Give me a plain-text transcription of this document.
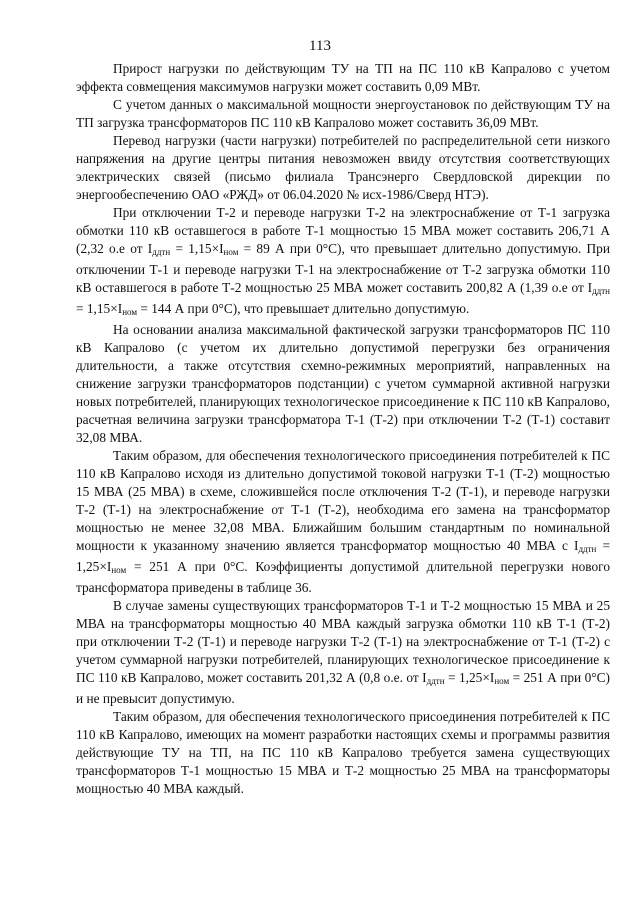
113

Прирост нагрузки по действующим ТУ на ТП на ПС 110 кВ Капралово с учетом эффекта совмещения максимумов нагрузки может составить 0,09 МВт.

С учетом данных о максимальной мощности энергоустановок по действующим ТУ на ТП загрузка трансформаторов ПС 110 кВ Капралово может составить 36,09 МВт.

Перевод нагрузки (части нагрузки) потребителей по распределительной сети низкого напряжения на другие центры питания невозможен ввиду отсутствия соответствующих электрических связей (письмо филиала Трансэнерго Свердловской дирекции по энергообеспечению ОАО «РЖД» от 06.04.2020 № исх-1986/Сверд НТЭ).

При отключении Т-2 и переводе нагрузки Т-2 на электроснабжение от Т-1 загрузка обмотки 110 кВ оставшегося в работе Т-1 мощностью 15 МВА может составить 206,71 А (2,32 о.е от $I_{ддтн} = 1,15\times I_{ном} = 89$ А при 0°С), что превышает длительно допустимую. При отключении Т-1 и переводе нагрузки Т-1 на электроснабжение от Т-2 загрузка обмотки 110 кВ оставшегося в работе Т-2 мощностью 25 МВА может составить 200,82 А (1,39 о.е от $I_{ддтн} = 1,15\times I_{ном} = 144$ А при 0°С), что превышает длительно допустимую.

На основании анализа максимальной фактической загрузки трансформаторов ПС 110 кВ Капралово (с учетом их длительно допустимой перегрузки без ограничения длительности, а также отсутствия схемно-режимных мероприятий, направленных на снижение загрузки трансформаторов подстанции) с учетом суммарной активной нагрузки новых потребителей, планирующих технологическое присоединение к ПС 110 кВ Капралово, расчетная величина загрузки трансформатора Т-1 (Т-2) при отключении Т-2 (Т-1) составит 32,08 МВА.

Таким образом, для обеспечения технологического присоединения потребителей к ПС 110 кВ Капралово исходя из длительно допустимой токовой нагрузки Т-1 (Т-2) мощностью 15 МВА (25 МВА) в схеме, сложившейся после отключения Т-2 (Т-1), и переводе нагрузки Т-2 (Т-1) на электроснабжение от Т-1 (Т-2), необходима его замена на трансформатор мощностью не менее 32,08 МВА. Ближайшим большим стандартным по номинальной мощности к указанному значению является трансформатор мощностью 40 МВА с $I_{ддтн} = 1,25\times I_{ном} = 251$ А при 0°С. Коэффициенты допустимой длительной перегрузки нового трансформатора приведены в таблице 36.

В случае замены существующих трансформаторов Т-1 и Т-2 мощностью 15 МВА и 25 МВА на трансформаторы мощностью 40 МВА каждый загрузка обмотки 110 кВ Т-1 (Т-2) при отключении Т-2 (Т-1) и переводе нагрузки Т-2 (Т-1) на электроснабжение от Т-1 (Т-2) с учетом суммарной нагрузки потребителей, планирующих технологическое присоединение к ПС 110 кВ Капралово, может составить 201,32 А (0,8 о.е. от $I_{ддтн} = 1,25\times I_{ном} = 251$ А при 0°С) и не превысит допустимую.

Таким образом, для обеспечения технологического присоединения потребителей к ПС 110 кВ Капралово, имеющих на момент разработки настоящих схемы и программы развития действующие ТУ на ТП, на ПС 110 кВ Капралово требуется замена существующих трансформаторов Т-1 мощностью 15 МВА и Т-2 мощностью 25 МВА на трансформаторы мощностью 40 МВА каждый.
